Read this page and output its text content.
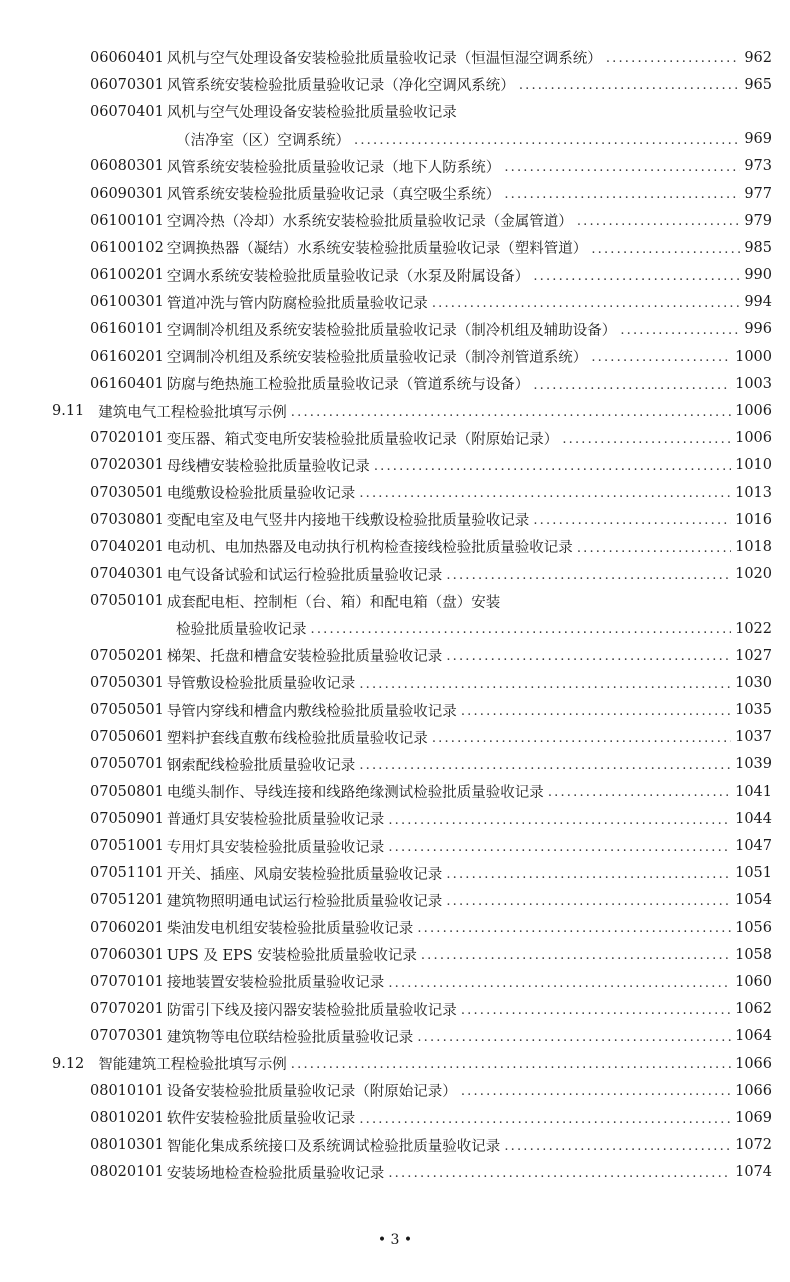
06060401 风机与空气处理设备安装检验批质量验收记录（恒温恒湿空调系统） .....	962
06070301 风管系统安装检验批质量验收记录（净化空调风系统） .....	965
06070401 风机与空气处理设备安装检验批质量验收记录
（洁净室（区）空调系统） .....	969
06080301 风管系统安装检验批质量验收记录（地下人防系统） .....	973
06090301 风管系统安装检验批质量验收记录（真空吸尘系统） .....	977
06100101 空调冷热（冷却）水系统安装检验批质量验收记录（金属管道） .....	979
06100102 空调换热器（凝结）水系统安装检验批质量验收记录（塑料管道） .....	985
06100201 空调水系统安装检验批质量验收记录（水泵及附属设备） .....	990
06100301 管道冲洗与管内防腐检验批质量验收记录 .....	994
06160101 空调制冷机组及系统安装检验批质量验收记录（制冷机组及辅助设备） .....	996
06160201 空调制冷机组及系统安装检验批质量验收记录（制冷剂管道系统） .....	1000
06160401 防腐与绝热施工检验批质量验收记录（管道系统与设备） .....	1003
9.11 建筑电气工程检验批填写示例 .....	1006
07020101 变压器、箱式变电所安装检验批质量验收记录（附原始记录） .....	1006
07020301 母线槽安装检验批质量验收记录 .....	1010
07030501 电缆敷设检验批质量验收记录 .....	1013
07030801 变配电室及电气竖井内接地干线敷设检验批质量验收记录 .....	1016
07040201 电动机、电加热器及电动执行机构检查接线检验批质量验收记录 .....	1018
07040301 电气设备试验和试运行检验批质量验收记录 .....	1020
07050101 成套配电柜、控制柜（台、箱）和配电箱（盘）安装
检验批质量验收记录 .....	1022
07050201 梯架、托盘和槽盒安装检验批质量验收记录 .....	1027
07050301 导管敷设检验批质量验收记录 .....	1030
07050501 导管内穿线和槽盒内敷线检验批质量验收记录 .....	1035
07050601 塑料护套线直敷布线检验批质量验收记录 .....	1037
07050701 钢索配线检验批质量验收记录 .....	1039
07050801 电缆头制作、导线连接和线路绝缘测试检验批质量验收记录 .....	1041
07050901 普通灯具安装检验批质量验收记录 .....	1044
07051001 专用灯具安装检验批质量验收记录 .....	1047
07051101 开关、插座、风扇安装检验批质量验收记录 .....	1051
07051201 建筑物照明通电试运行检验批质量验收记录 .....	1054
07060201 柴油发电机组安装检验批质量验收记录 .....	1056
07060301 UPS 及 EPS 安装检验批质量验收记录 .....	1058
07070101 接地装置安装检验批质量验收记录 .....	1060
07070201 防雷引下线及接闪器安装检验批质量验收记录 .....	1062
07070301 建筑物等电位联结检验批质量验收记录 .....	1064
9.12 智能建筑工程检验批填写示例 .....	1066
08010101 设备安装检验批质量验收记录（附原始记录） .....	1066
08010201 软件安装检验批质量验收记录 .....	1069
08010301 智能化集成系统接口及系统调试检验批质量验收记录 .....	1072
08020101 安装场地检查检验批质量验收记录 .....	1074
• 3 •
